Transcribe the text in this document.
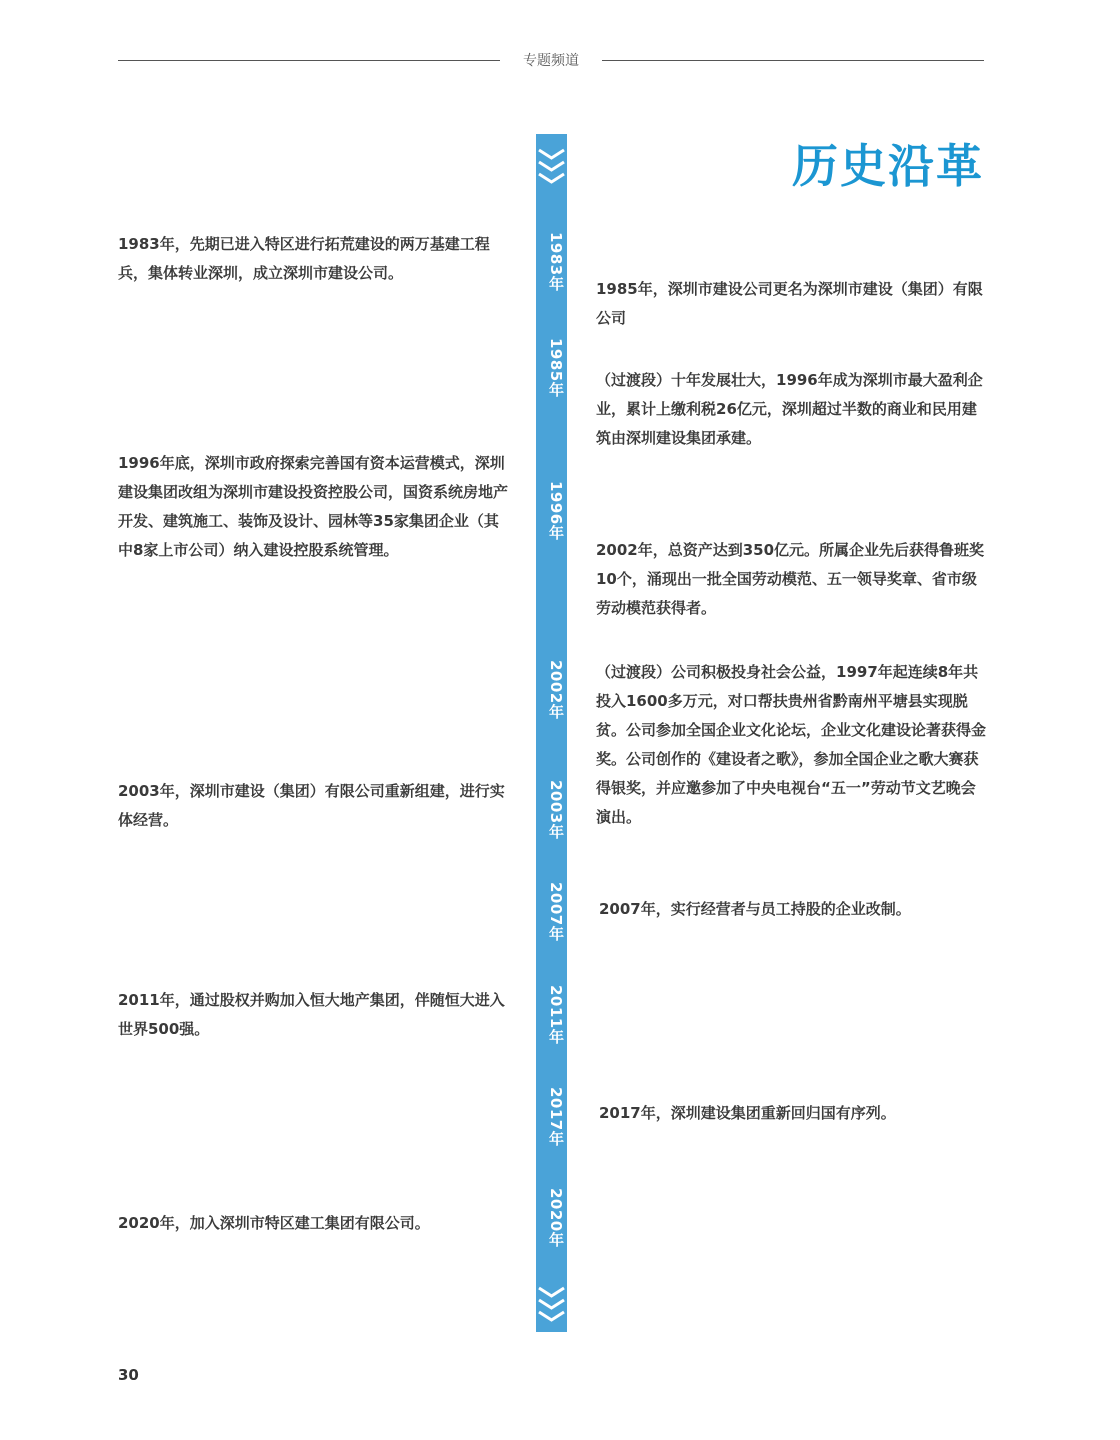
专题频道
历史沿革
1983年
1985年
1996年
2002年
2003年
2007年
2011年
2017年
2020年

1983年，先期已进入特区进行拓荒建设的两万基建工程兵，集体转业深圳，成立深圳市建设公司。

1996年底，深圳市政府探索完善国有资本运营模式，深圳建设集团改组为深圳市建设投资控股公司，国资系统房地产开发、建筑施工、装饰及设计、园林等35家集团企业（其中8家上市公司）纳入建设控股系统管理。

2003年，深圳市建设（集团）有限公司重新组建，进行实体经营。

2011年，通过股权并购加入恒大地产集团，伴随恒大进入世界500强。

2020年，加入深圳市特区建工集团有限公司。

1985年，深圳市建设公司更名为深圳市建设（集团）有限公司

（过渡段）十年发展壮大，1996年成为深圳市最大盈利企业，累计上缴利税26亿元，深圳超过半数的商业和民用建筑由深圳建设集团承建。

2002年，总资产达到350亿元。所属企业先后获得鲁班奖10个，涌现出一批全国劳动模范、五一领导奖章、省市级劳动模范获得者。

（过渡段）公司积极投身社会公益，1997年起连续8年共投入1600多万元，对口帮扶贵州省黔南州平塘县实现脱贫。公司参加全国企业文化论坛，企业文化建设论著获得金奖。公司创作的《建设者之歌》，参加全国企业之歌大赛获得银奖，并应邀参加了中央电视台“五一”劳动节文艺晚会演出。

2007年，实行经营者与员工持股的企业改制。

2017年，深圳建设集团重新回归国有序列。

30
